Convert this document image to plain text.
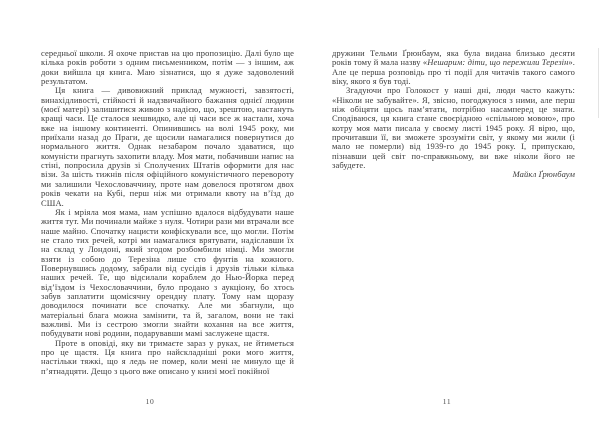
середньої школи. Я охоче пристав на цю пропозицію. Далі було ще кілька років роботи з одним письменником, потім — з іншим, аж доки вийшла ця книга. Маю зізнатися, що я дуже задоволений результатом.

Ця книга — дивовижний приклад мужності, завзятості, винахідливості, стійкості й надзвичайного бажання однієї людини (моєї матері) залишитися живою з надією, що, зрештою, настануть кращі часи. Це сталося нешвидко, але ці часи все ж настали, хоча вже на іншому континенті. Опинившись на волі 1945 року, ми приїхали назад до Праги, де щосили намагалися повернутися до нормального життя. Однак незабаром почало здаватися, що комуністи прагнуть захопити владу. Моя мати, побачивши напис на стіні, попросила друзів зі Сполучених Штатів оформити для нас візи. За шість тижнів після офіційного комуністичного перевороту ми залишили Чехословаччину, проте нам довелося протягом двох років чекати на Кубі, перш ніж ми отримали квоту на в’їзд до США.

Як і мріяла моя мама, нам успішно вдалося відбудувати наше життя тут. Ми починали майже з нуля. Чотири рази ми втрачали все наше майно. Спочатку нацисти конфіскували все, що могли. Потім не стало тих речей, котрі ми намагалися врятувати, надіславши їх на склад у Лондоні, який згодом розбомбили німці. Ми змогли взяти із собою до Терезіна лише сто фунтів на кожного. Повернувшись додому, забрали від сусідів і друзів тільки кілька наших речей. Те, що відсилали кораблем до Нью-Йорка перед від’їздом із Чехословаччини, було продано з аукціону, бо хтось забув заплатити щомісячну орендну плату. Тому нам щоразу доводилося починати все спочатку. Але ми збагнули, що матеріальні блага можна замінити, та й, загалом, вони не такі важливі. Ми із сестрою змогли знайти кохання на все життя, побудувати нові родини, подарувавши мамі заслужене щастя.

Проте в оповіді, яку ви тримаєте зараз у руках, не йтиметься про це щастя. Ця книга про найскладніші роки мого життя, настільки тяжкі, що я ледь не помер, коли мені не минуло ще й п’ятнадцяти. Дещо з цього вже описано у книзі моєї покійної

дружини Тельми Ґрюнбаум, яка була видана близько десяти років тому й мала назву «Нешарим: діти, що пережили Терезін». Але це перша розповідь про ті події для читачів такого самого віку, якого я був тоді.

Згадуючи про Голокост у наші дні, люди часто кажуть: «Ніколи не забувайте». Я, звісно, погоджуюся з ними, але перш ніж обіцяти щось пам’ятати, потрібно насамперед це знати. Сподіваюся, ця книга стане своєрідною «спільною мовою», про котру моя мати писала у своєму листі 1945 року. Я вірю, що, прочитавши її, ви зможете зрозуміти світ, у якому ми жили (і мало не померли) від 1939-го до 1945 року. І, припускаю, пізнавши цей світ по-справжньому, ви вже ніколи його не забудете.

Майкл Ґрюнбаум

10	11
